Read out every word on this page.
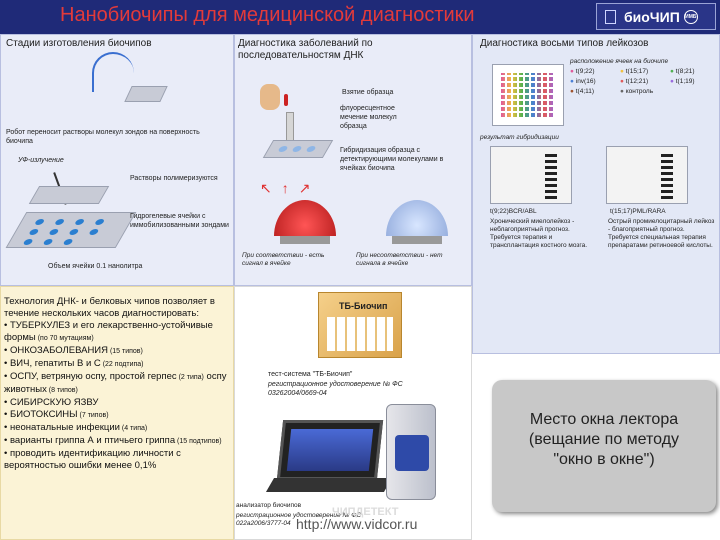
Нанобиочипы для медицинской диагностики	биоЧИП ИМБ
Стадии изготовления биочипов
Робот переносит растворы молекул зондов на поверхность биочипа
УФ-излучение
Растворы полимеризуются
Гидрогелевые ячейки с иммобилизованными зондами
Объем ячейки 0.1 нанолитра
Диагностика заболеваний по последовательностям ДНК
Взятие образца
флуоресцентное мечение молекул образца
Гибридизация образца с детектирующими молекулами в ячейках биочипа
↖↑↗
При соответствии - есть сигнал в ячейке
При несоответствии - нет сигнала в ячейке
Диагностика восьми типов лейкозов
расположение ячеек на биочипе
● t(9;22)	● t(15;17)	● t(8;21)
● inv(16)	● t(12;21)	● t(1;19)
● t(4;11)	● контроль
результат гибридизации
t(9;22)BCR/ABL
Хронический миелолейкоз - неблагоприятный прогноз. Требуется терапия и трансплантация костного мозга.
t(15;17)PML/RARA
Острый промиелоцитарный лейкоз - благоприятный прогноз. Требуется специальная терапия препаратами ретиноевой кислоты.
Технология ДНК- и белковых чипов позволяет в течение нескольких часов диагностировать:
• ТУБЕРКУЛЕЗ и его лекарственно-устойчивые формы (по 70 мутациям)
• ОНКОЗАБОЛЕВАНИЯ (15 типов)
• ВИЧ, гепатиты В и С (22 подтипа)
• ОСПУ, ветряную оспу, простой герпес (2 типа) оспу животных (8 типов)
• СИБИРСКУЮ ЯЗВУ
• БИОТОКСИНЫ (7 типов)
• неонатальные инфекции (4 типа)
• варианты гриппа А и птичьего гриппа (15 подтипов)
• проводить идентификацию личности с вероятностью ошибки менее 0,1%
ТБ-Биочип
тест-система "ТБ-Биочип"
регистрационное удостоверение № ФС 03262004/0669-04
анализатор биочипов
регистрационное удостоверение № ФС 022а2006/3777-04
ЧИПДЕТЕКТ
Место окна лектора
(вещание по методу
"окно в окне")
http://www.vidcor.ru
